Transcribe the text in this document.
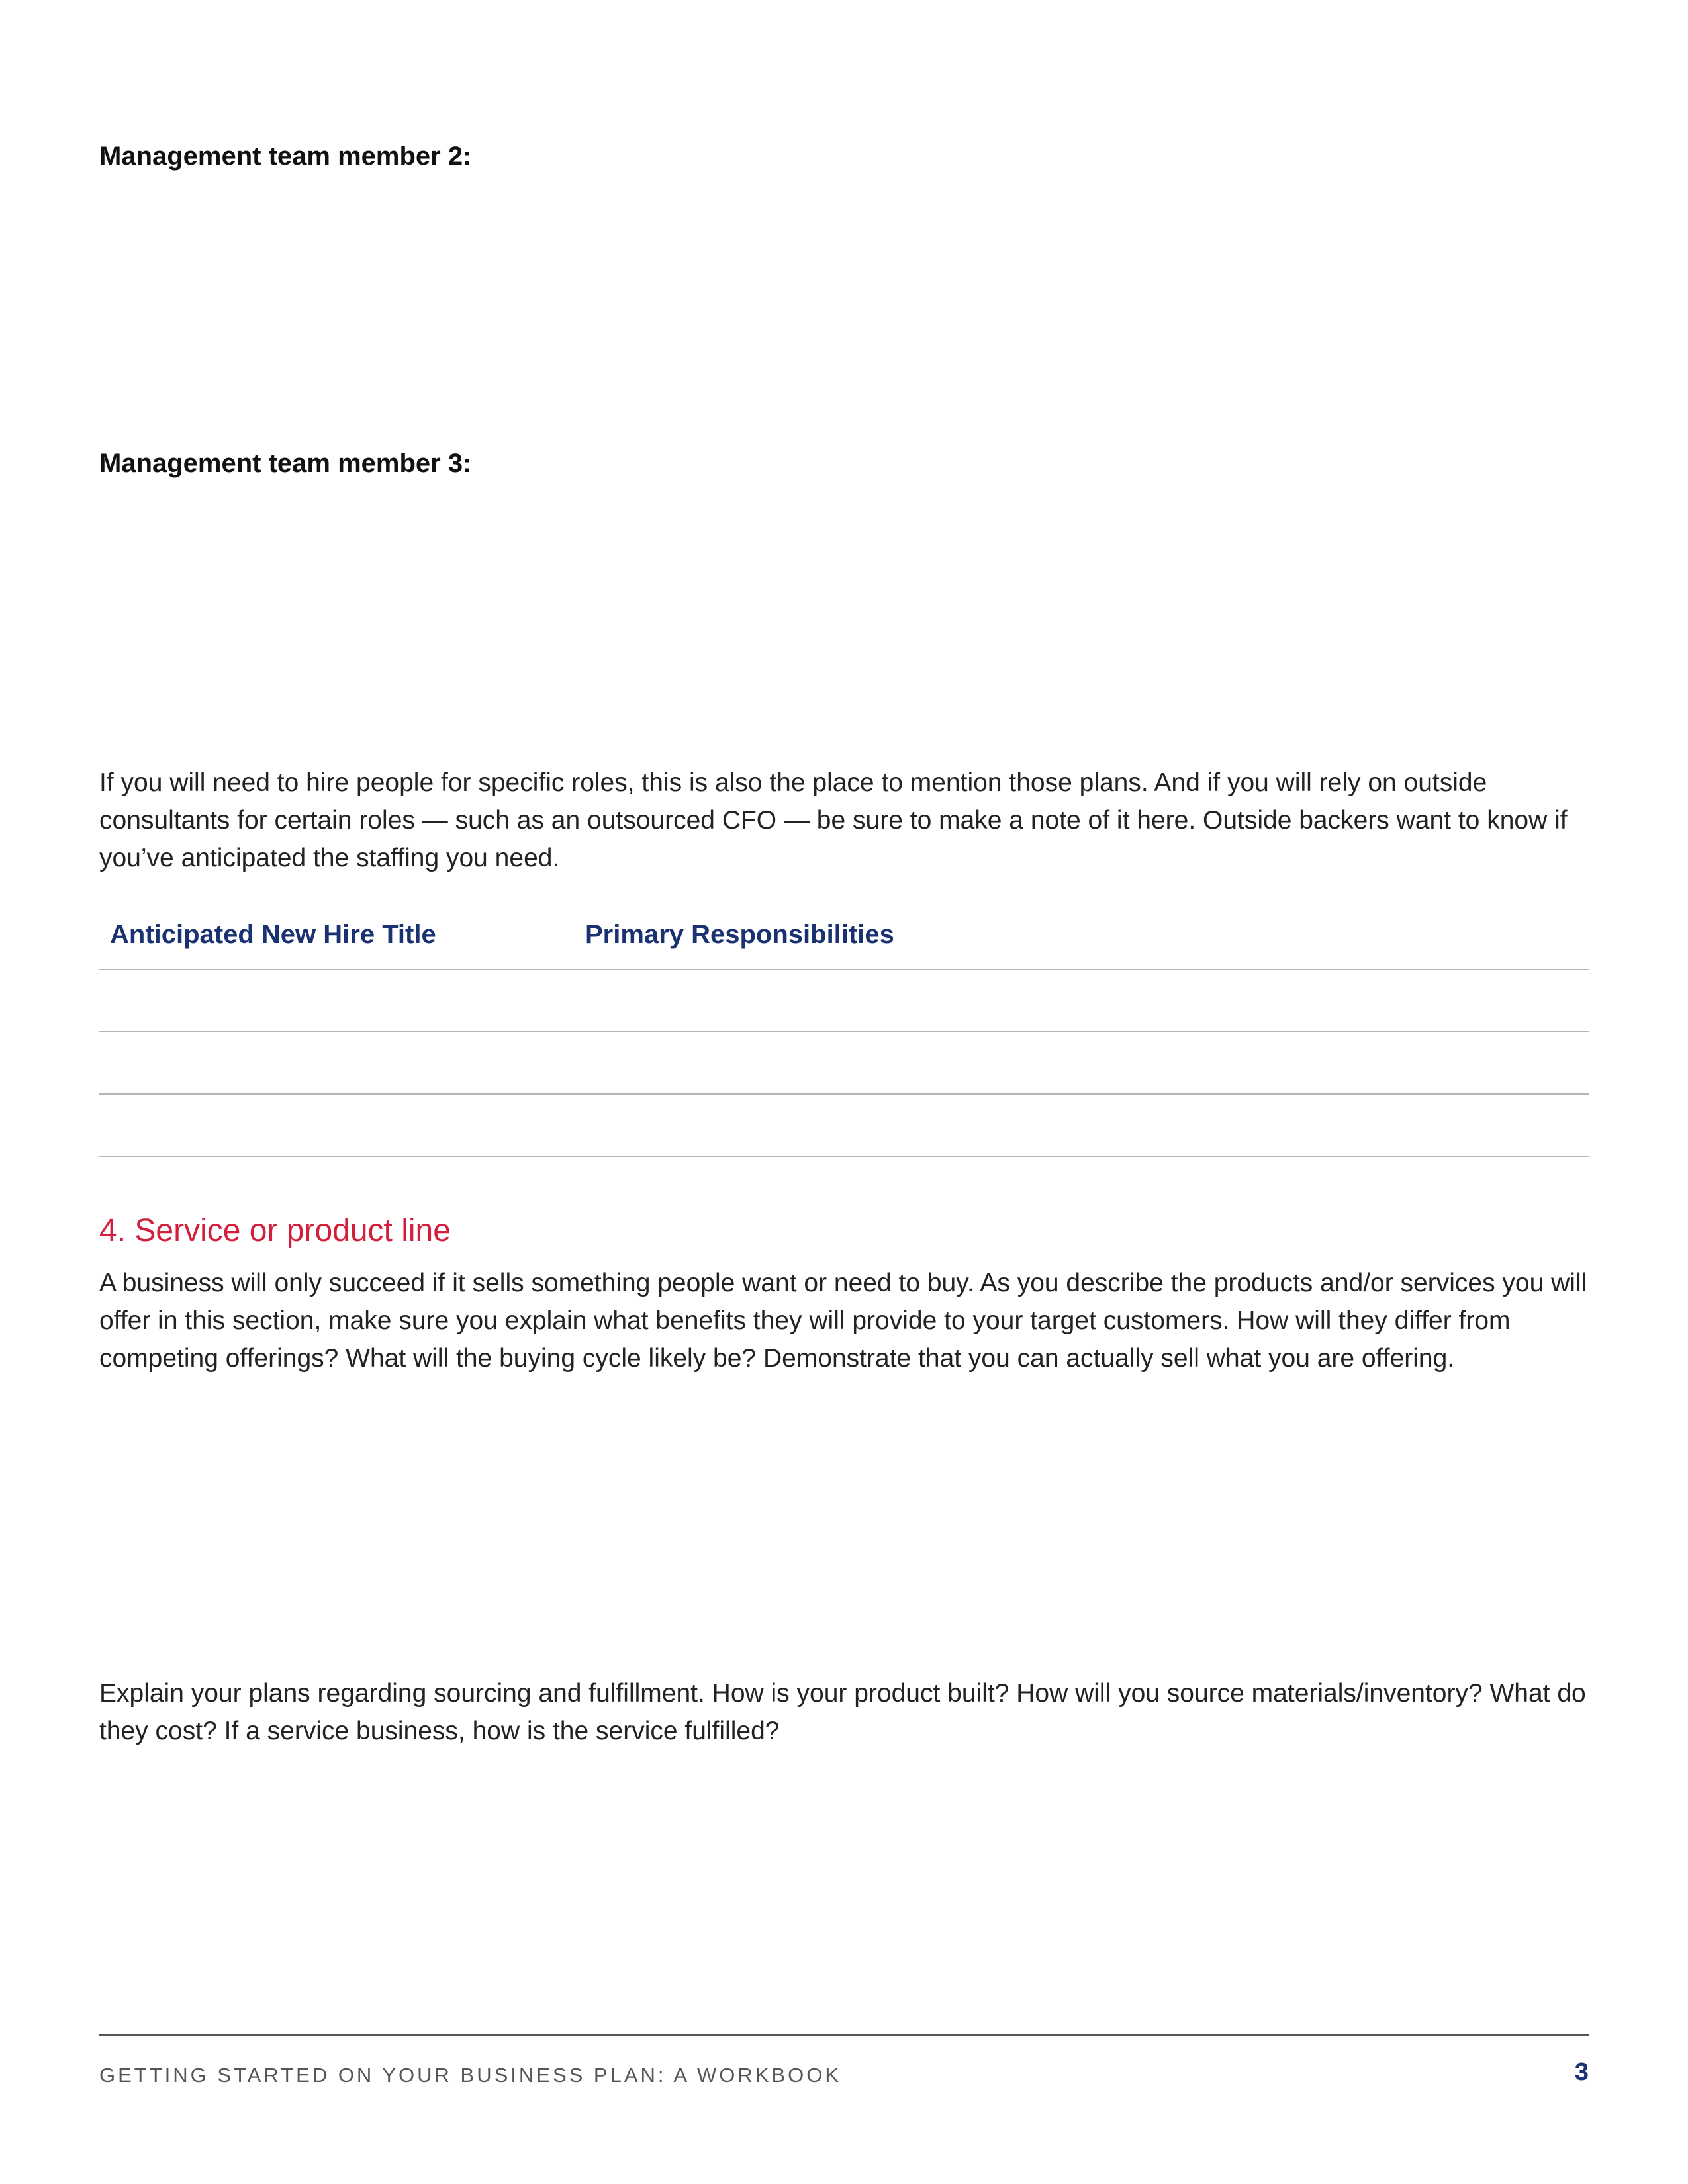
Management team member 2:

Management team member 3:

If you will need to hire people for specific roles, this is also the place to mention those plans. And if you will rely on outside consultants for certain roles — such as an outsourced CFO — be sure to make a note of it here. Outside backers want to know if you’ve anticipated the staffing you need.

Anticipated New Hire Title	Primary Responsibilities
4. Service or product line

A business will only succeed if it sells something people want or need to buy. As you describe the products and/or services you will offer in this section, make sure you explain what benefits they will provide to your target customers. How will they differ from competing offerings? What will the buying cycle likely be? Demonstrate that you can actually sell what you are offering.

Explain your plans regarding sourcing and fulfillment. How is your product built? How will you source materials/inventory? What do they cost? If a service business, how is the service fulfilled?

GETTING STARTED ON YOUR BUSINESS PLAN: A WORKBOOK	3
